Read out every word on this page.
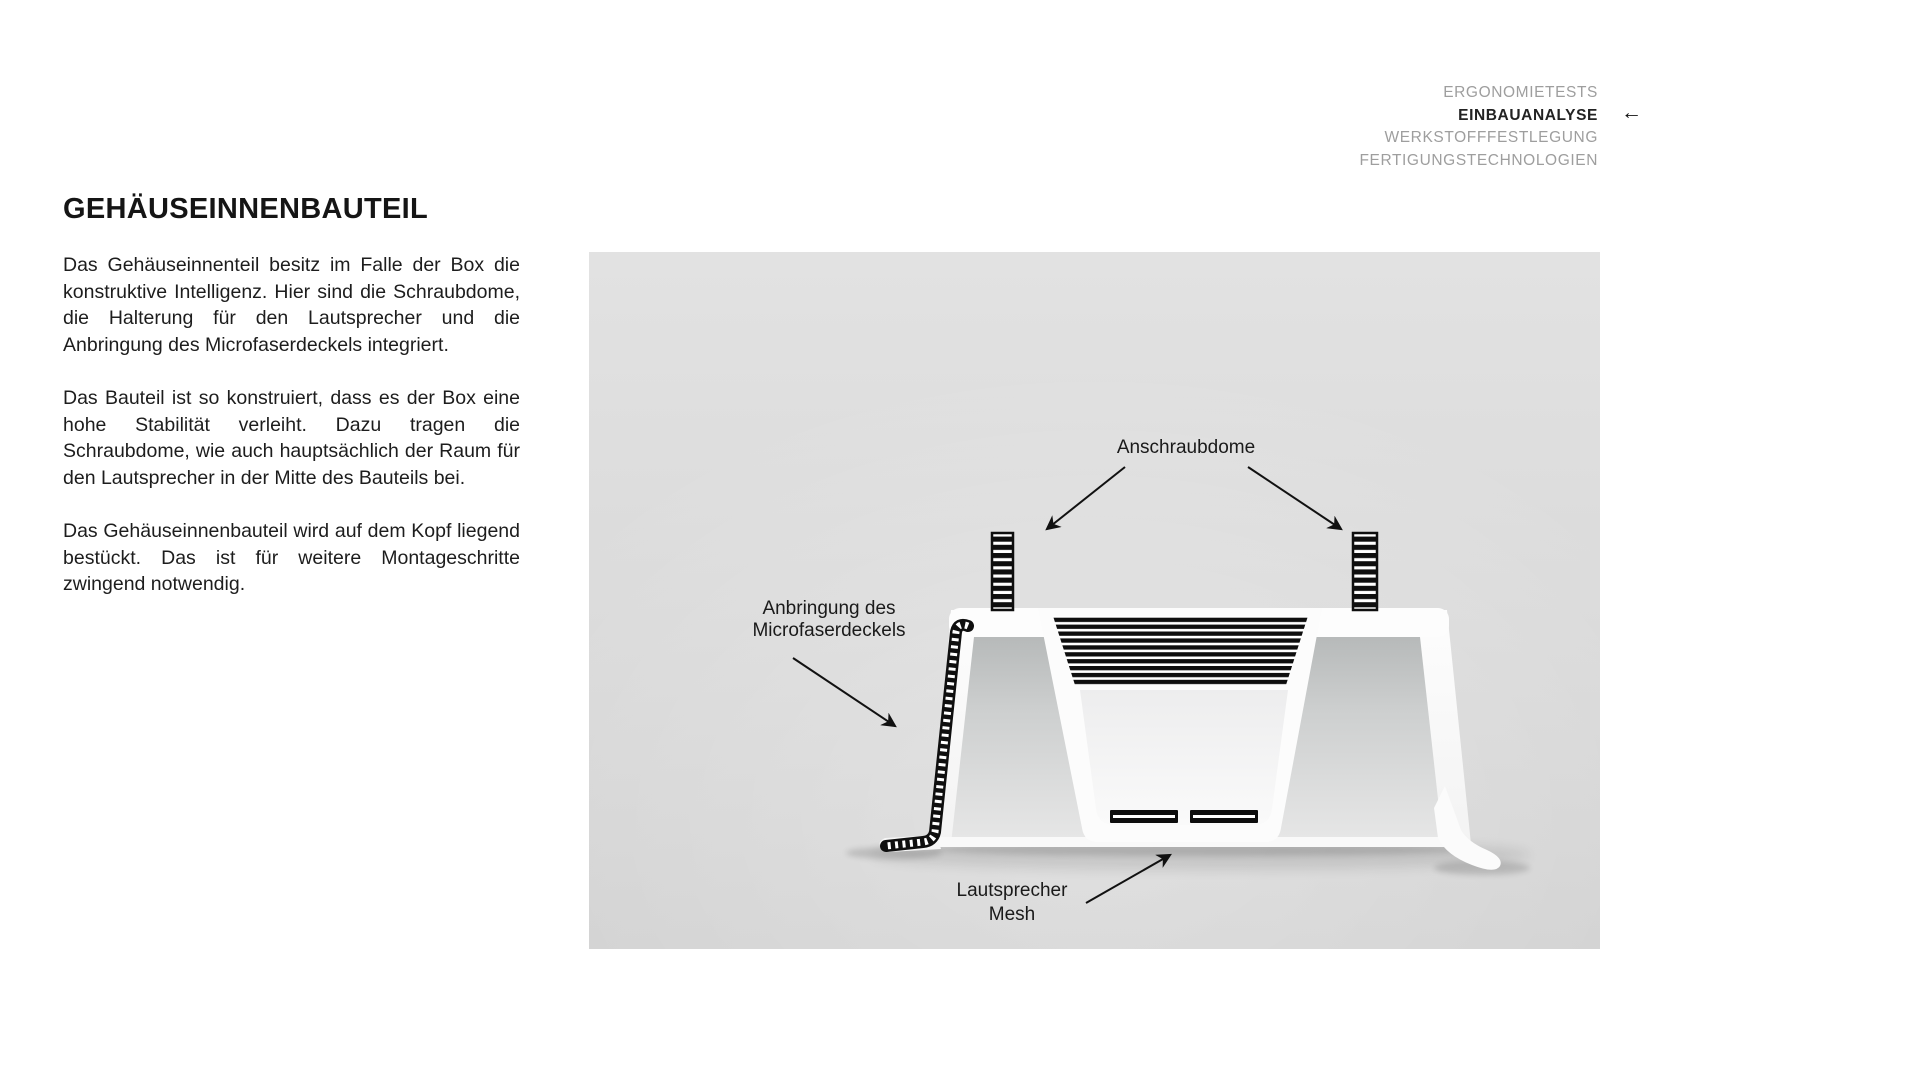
ERGONOMIETESTS
EINBAUANALYSE ←
WERKSTOFFFESTLEGUNG
FERTIGUNGSTECHNOLOGIEN
GEHÄUSEINNENBAUTEIL

Das Gehäuseinnenteil besitz im Falle der Box die konstruktive Intelligenz. Hier sind die Schraubdome, die Halterung für den Lautsprecher und die Anbringung des Microfaserdeckels integriert.

Das Bauteil ist so konstruiert, dass es der Box eine hohe Stabilität verleiht. Dazu tragen die Schraubdome, wie auch hauptsächlich der Raum für den Lautsprecher in der Mitte des Bauteils bei.

Das Gehäuseinnenbauteil wird auf dem Kopf liegend bestückt. Das ist für weitere Montageschritte zwingend notwendig.

Anschraubdome
Anbringung des
Microfaserdeckels
Lautsprecher
Mesh
